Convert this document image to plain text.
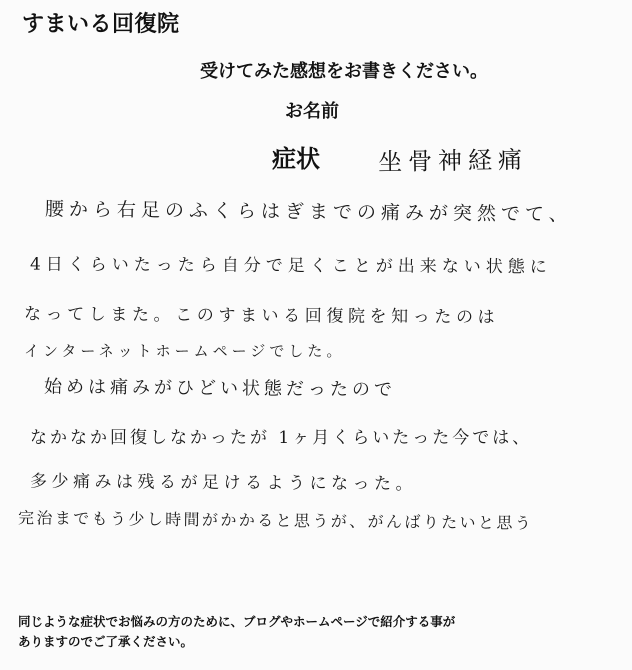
すまいる回復院
受けてみた感想をお書きください。
お名前
症状 坐骨神経痛
腰から右足のふくらはぎまでの痛みが突然でて、
4日くらいたったら自分で足くことが出来ない状態に
なってしまた。このすまいる回復院を知ったのは
インターネットホームページでした。
始めは痛みがひどい状態だったので
なかなか回復しなかったが 1ヶ月くらいたった今では、
多少痛みは残るが足けるようになった。
完治までもう少し時間がかかると思うが、がんばりたいと思う

同じような症状でお悩みの方のために、ブログやホームページで紹介する事が
ありますのでご了承ください。
